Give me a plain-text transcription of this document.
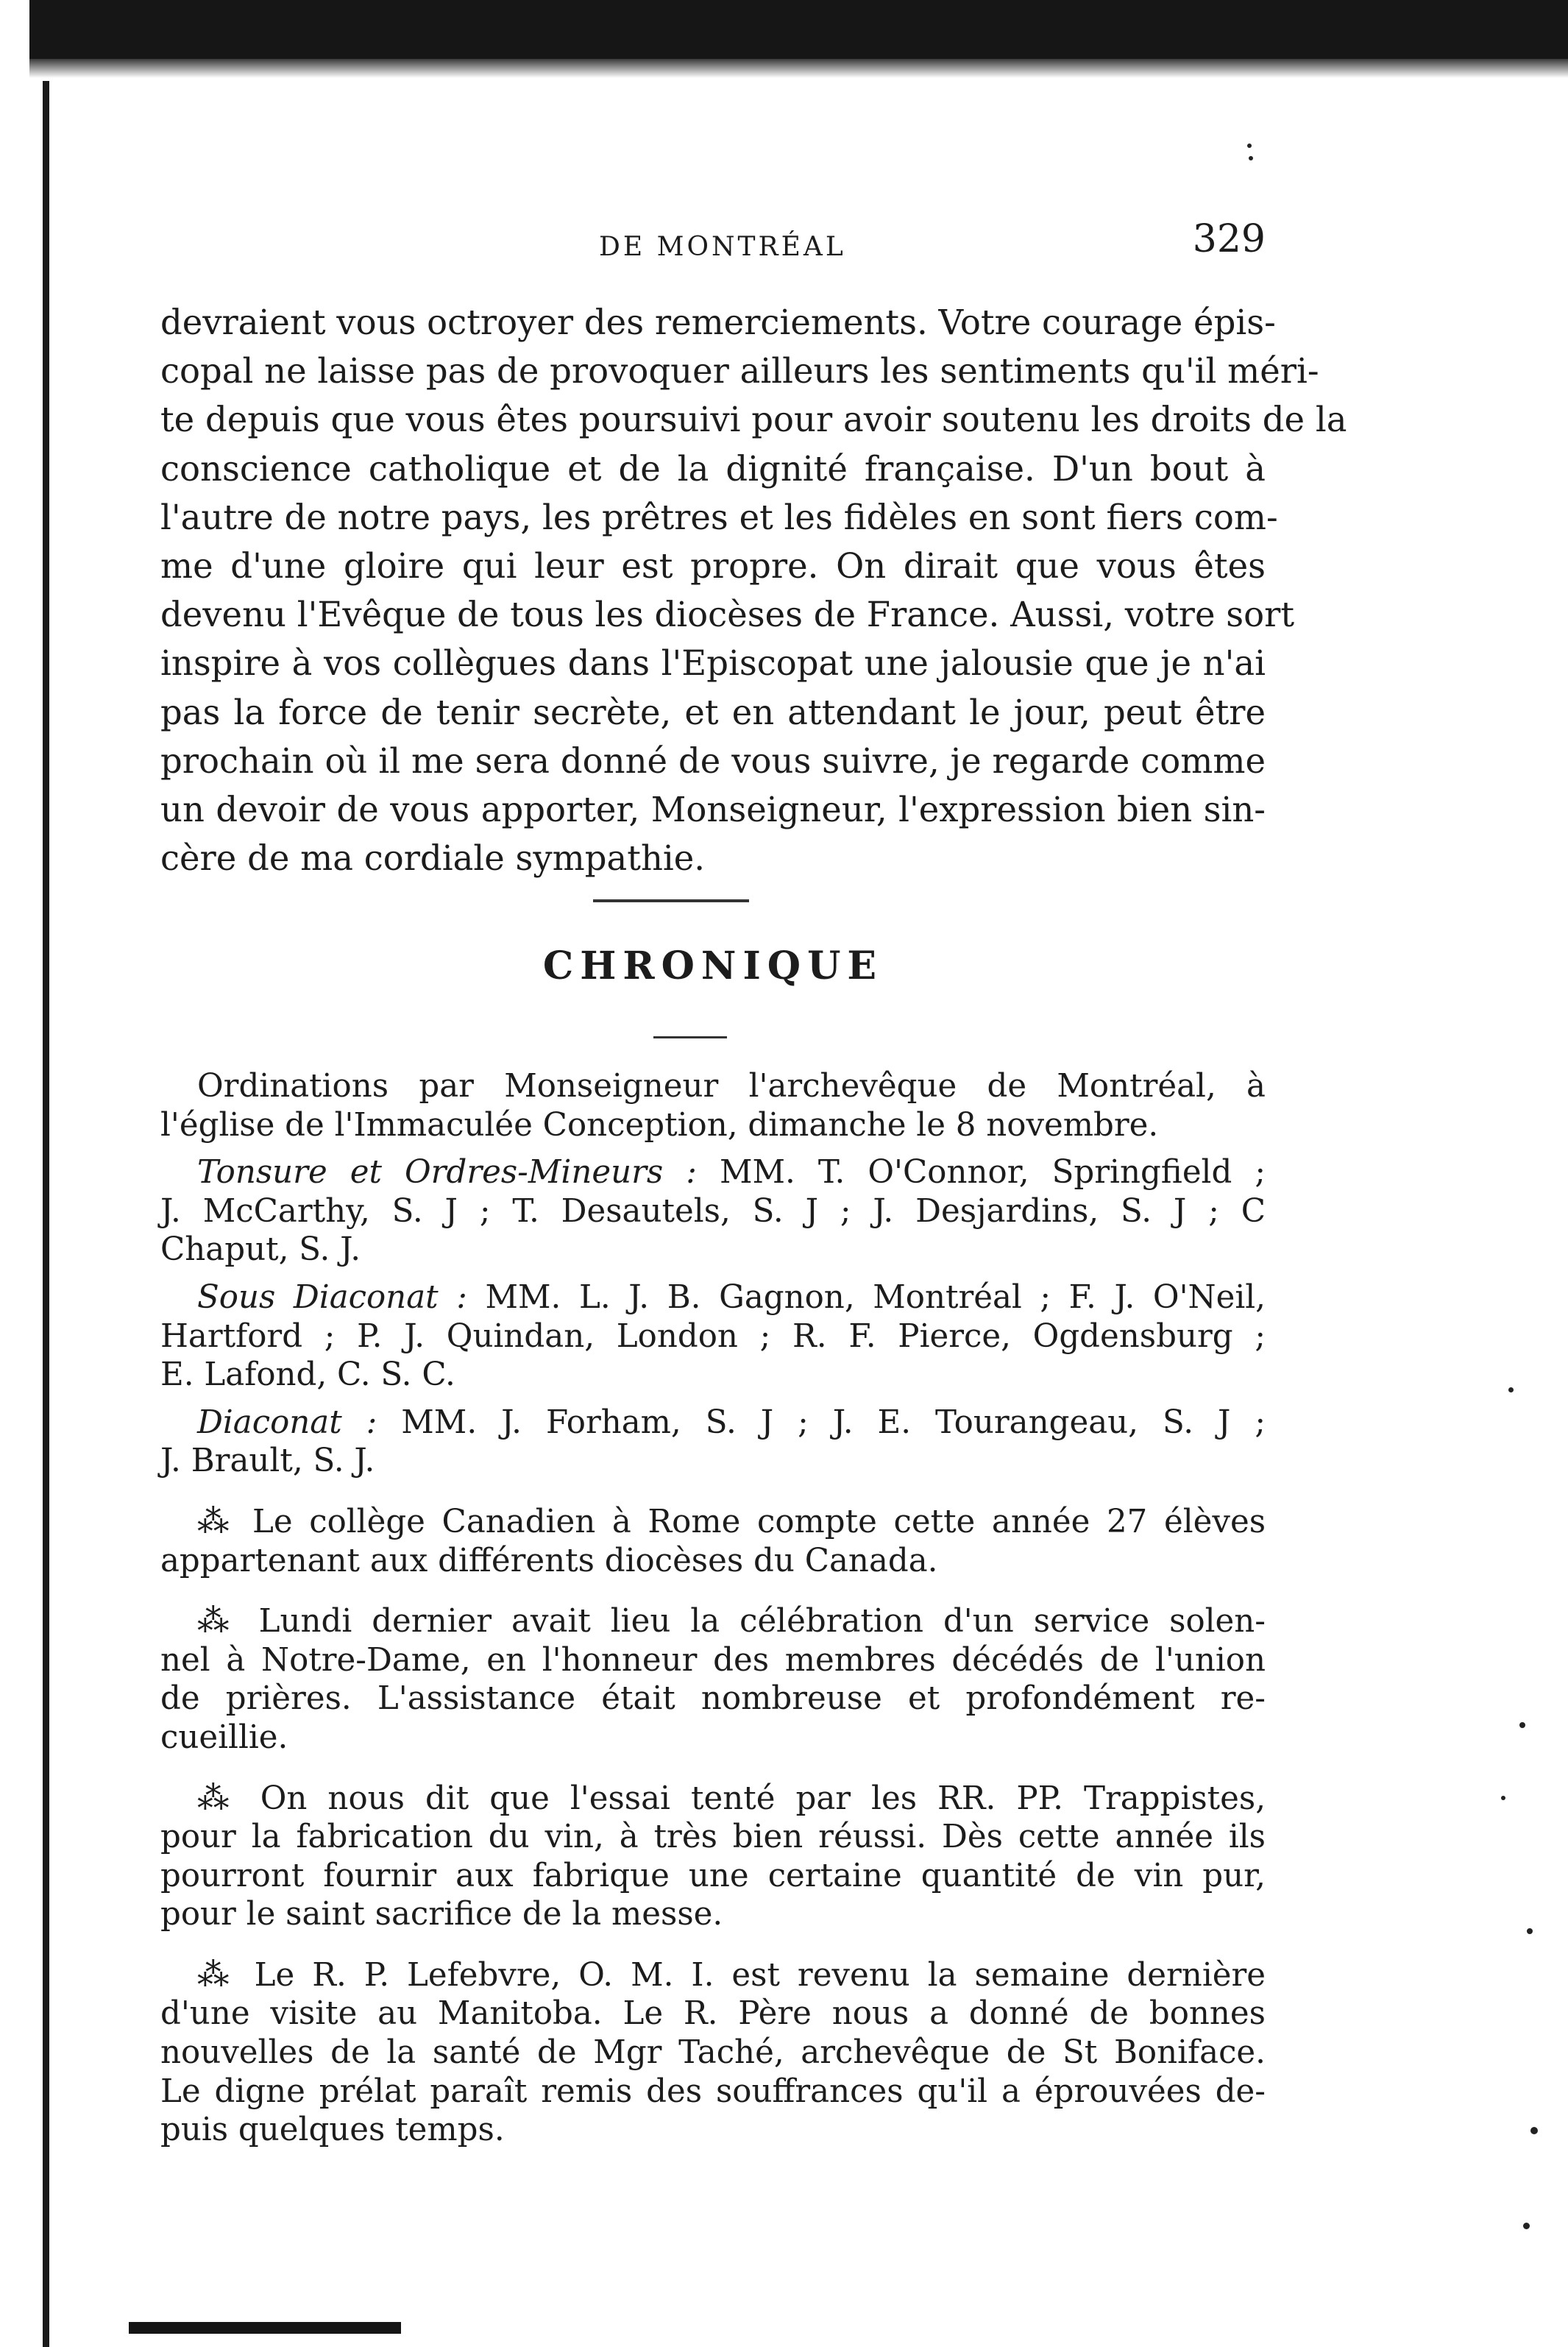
DE MONTRÉAL	329
devraient vous octroyer des remerciements. Votre courage épis-
copal ne laisse pas de provoquer ailleurs les sentiments qu'il méri-
te depuis que vous êtes poursuivi pour avoir soutenu les droits de la
conscience catholique et de la dignité française. D'un bout à
l'autre de notre pays, les prêtres et les fidèles en sont fiers com-
me d'une gloire qui leur est propre. On dirait que vous êtes
devenu l'Evêque de tous les diocèses de France. Aussi, votre sort
inspire à vos collègues dans l'Episcopat une jalousie que je n'ai
pas la force de tenir secrète, et en attendant le jour, peut être
prochain où il me sera donné de vous suivre, je regarde comme
un devoir de vous apporter, Monseigneur, l'expression bien sin-
cère de ma cordiale sympathie.
CHRONIQUE
Ordinations par Monseigneur l'archevêque de Montréal, à
l'église de l'Immaculée Conception, dimanche le 8 novembre.
Tonsure et Ordres-Mineurs : MM. T. O'Connor, Springfield ;
J. McCarthy, S. J ; T. Desautels, S. J ; J. Desjardins, S. J ; C
Chaput, S. J.
Sous Diaconat : MM. L. J. B. Gagnon, Montréal ; F. J. O'Neil,
Hartford ; P. J. Quindan, London ; R. F. Pierce, Ogdensburg ;
E. Lafond, C. S. C.
Diaconat : MM. J. Forham, S. J ; J. E. Tourangeau, S. J ;
J. Brault, S. J.
⁂ Le collège Canadien à Rome compte cette année 27 élèves
appartenant aux différents diocèses du Canada.
⁂ Lundi dernier avait lieu la célébration d'un service solen-
nel à Notre-Dame, en l'honneur des membres décédés de l'union
de prières. L'assistance était nombreuse et profondément re-
cueillie.
⁂ On nous dit que l'essai tenté par les RR. PP. Trappistes,
pour la fabrication du vin, à très bien réussi. Dès cette année ils
pourront fournir aux fabrique une certaine quantité de vin pur,
pour le saint sacrifice de la messe.
⁂ Le R. P. Lefebvre, O. M. I. est revenu la semaine dernière
d'une visite au Manitoba. Le R. Père nous a donné de bonnes
nouvelles de la santé de Mgr Taché, archevêque de St Boniface.
Le digne prélat paraît remis des souffrances qu'il a éprouvées de-
puis quelques temps.
